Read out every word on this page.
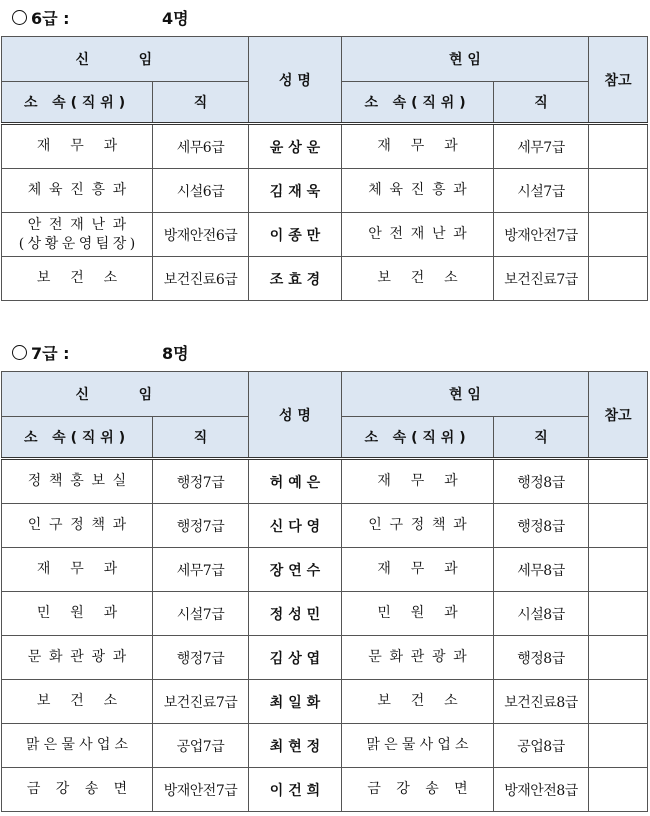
6급 :	4명
신 임		성 명	현 임		참고
소 속(직위)	직		소 속(직위)	직	
재 무 과	세무6급	윤상운	재 무 과	세무7급	
체육진흥과	시설6급	김재욱	체육진흥과	시설7급	
안전재난과
(상황운영팀장)	방재안전6급	이종만	안전재난과	방재안전7급	
보 건 소	보건진료6급	조효경	보 건 소	보건진료7급	
7급 :	8명
신 임		성 명	현 임		참고
소 속(직위)	직		소 속(직위)	직	
정책홍보실	행정7급	허예은	재 무 과	행정8급	
인구정책과	행정7급	신다영	인구정책과	행정8급	
재 무 과	세무7급	장연수	재 무 과	세무8급	
민 원 과	시설7급	정성민	민 원 과	시설8급	
문화관광과	행정7급	김상엽	문화관광과	행정8급	
보 건 소	보건진료7급	최일화	보 건 소	보건진료8급	
맑은물사업소	공업7급	최현정	맑은물사업소	공업8급	
금강송면	방재안전7급	이건희	금강송면	방재안전8급	
